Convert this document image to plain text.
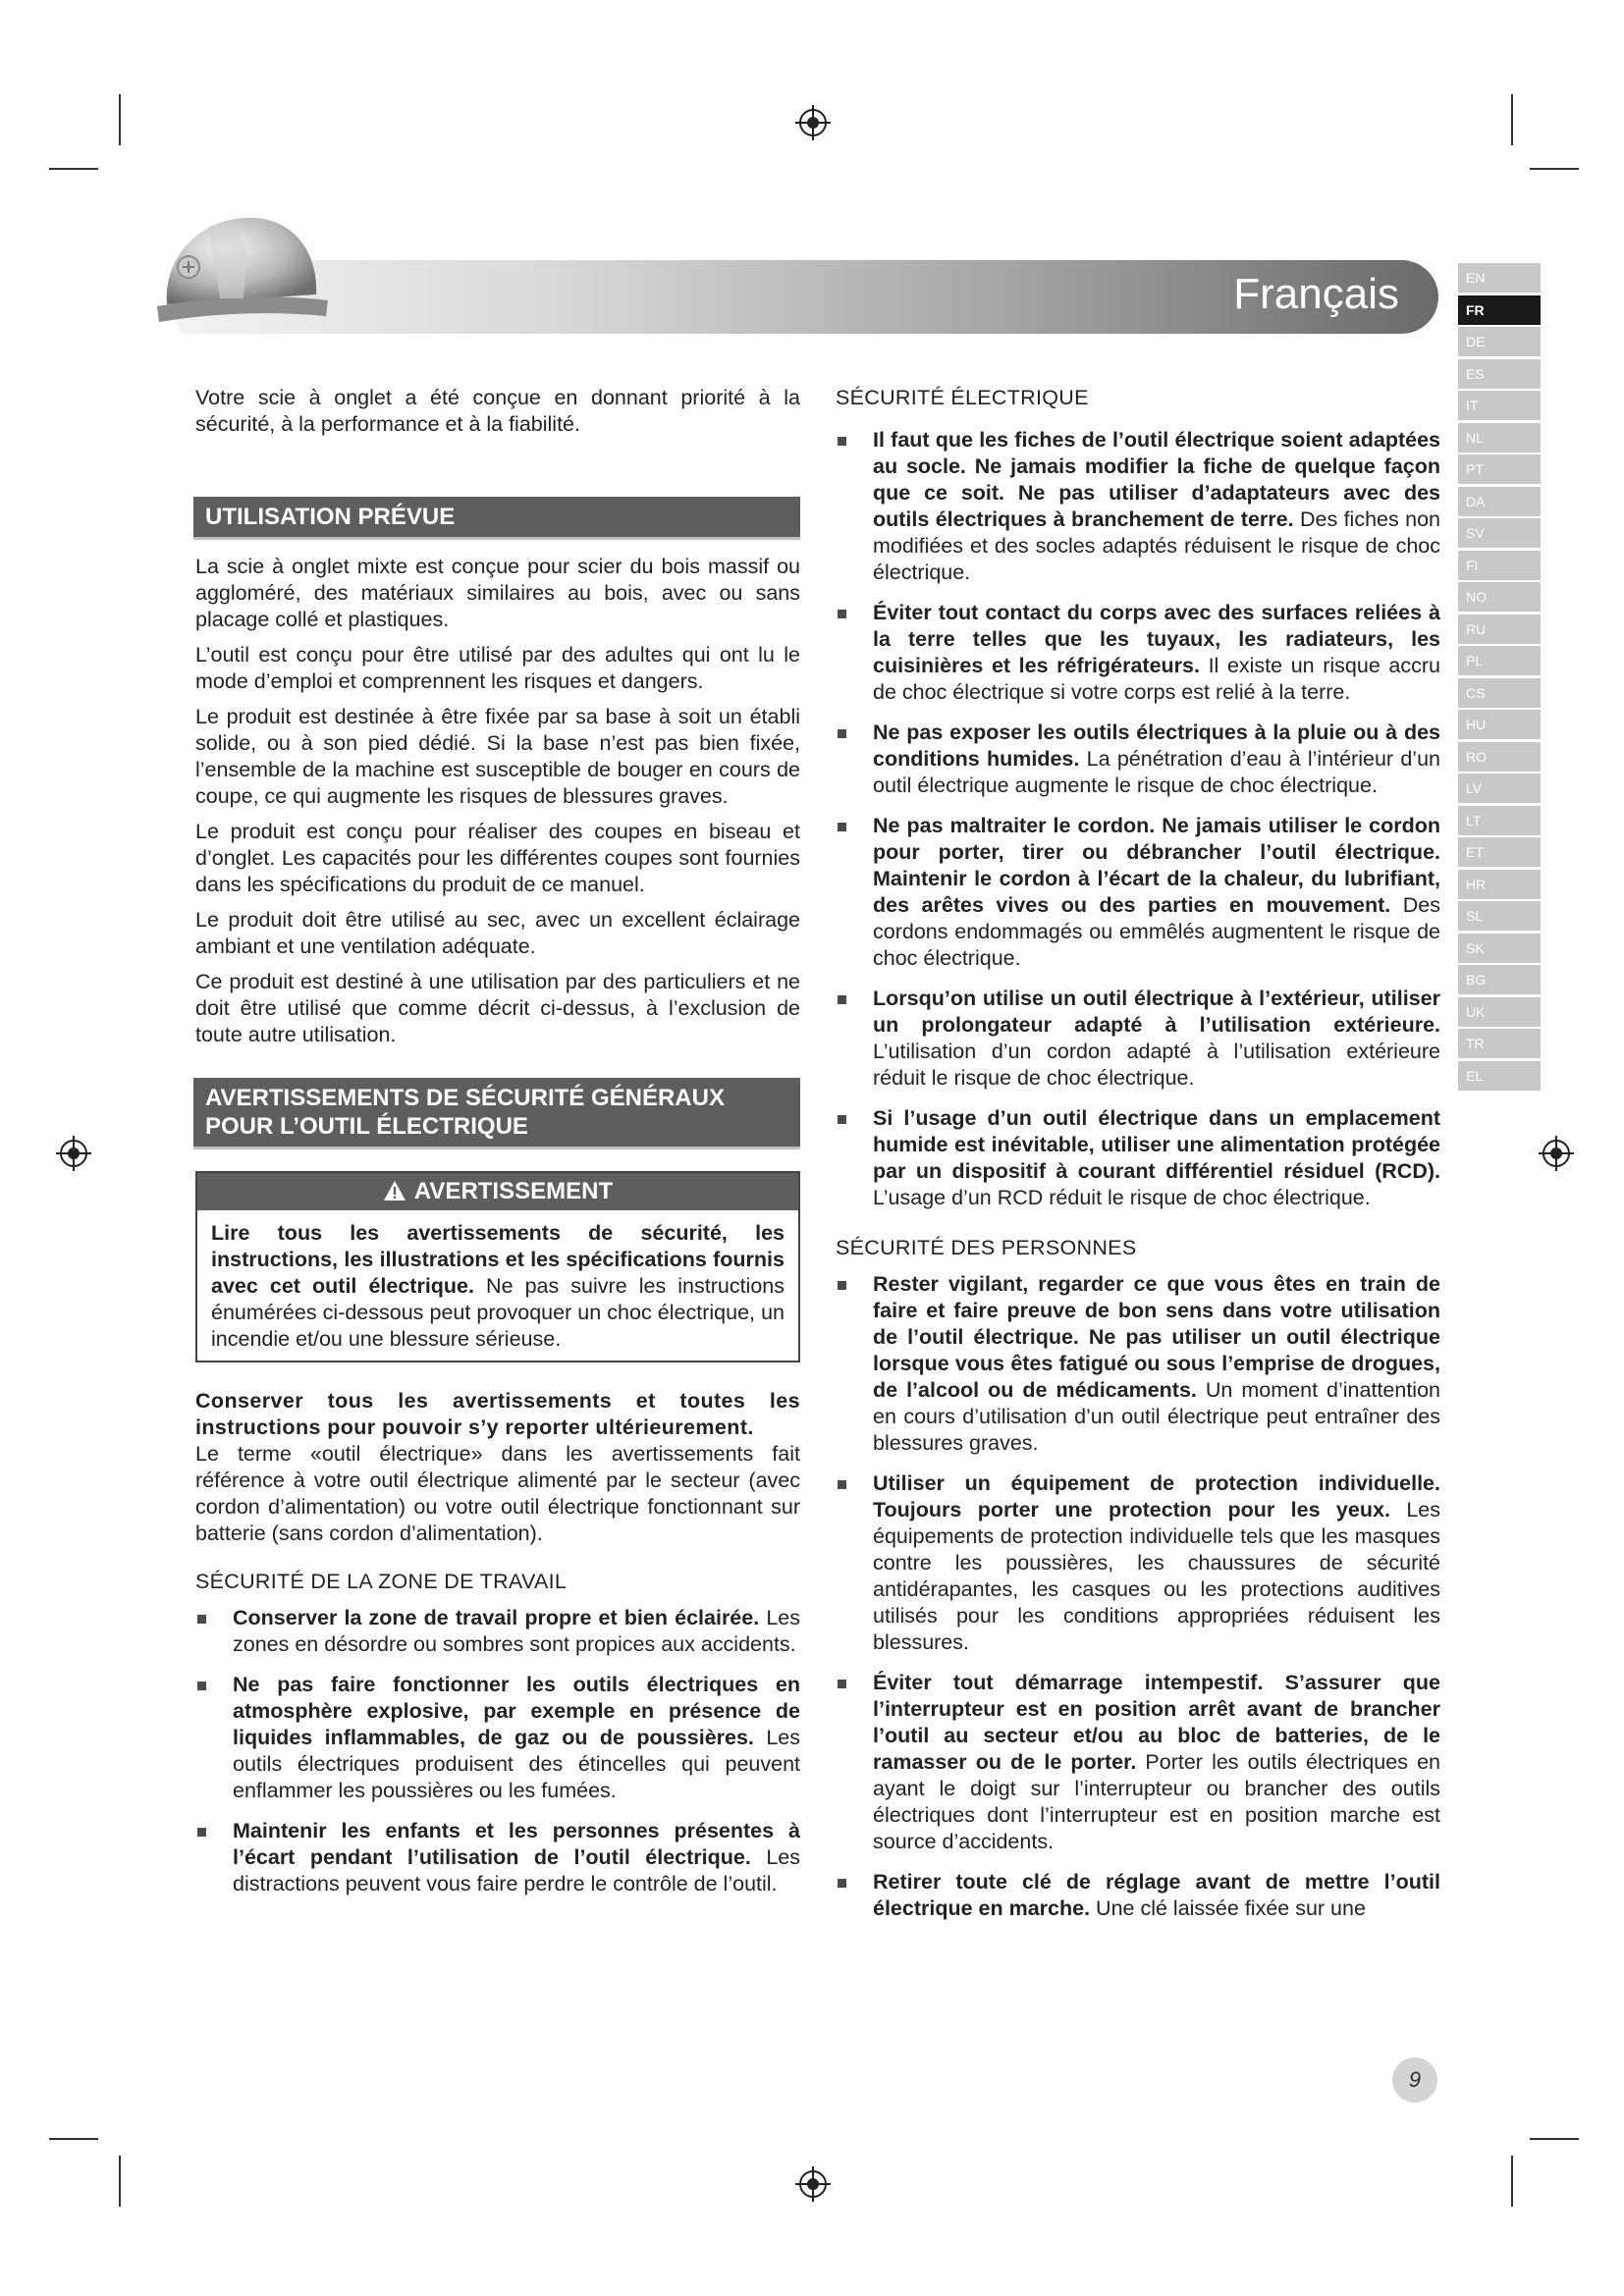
Français	EN
FR
DE
ES
IT
NL
PT
DA
SV
FI
NO
RU
PL
CS
HU
RO
LV
LT
ET
HR
SL
SK
BG
UK
TR
EL

Votre scie à onglet a été conçue en donnant priorité à la sécurité, à la performance et à la fiabilité.

UTILISATION PRÉVUE

La scie à onglet mixte est conçue pour scier du bois massif ou aggloméré, des matériaux similaires au bois, avec ou sans placage collé et plastiques.

L’outil est conçu pour être utilisé par des adultes qui ont lu le mode d’emploi et comprennent les risques et dangers.

Le produit est destinée à être fixée par sa base à soit un établi solide, ou à son pied dédié. Si la base n’est pas bien fixée, l’ensemble de la machine est susceptible de bouger en cours de coupe, ce qui augmente les risques de blessures graves.

Le produit est conçu pour réaliser des coupes en biseau et d’onglet. Les capacités pour les différentes coupes sont fournies dans les spécifications du produit de ce manuel.

Le produit doit être utilisé au sec, avec un excellent éclairage ambiant et une ventilation adéquate.

Ce produit est destiné à une utilisation par des particuliers et ne doit être utilisé que comme décrit ci-dessus, à l’exclusion de toute autre utilisation.

AVERTISSEMENTS DE SÉCURITÉ GÉNÉRAUX POUR L’OUTIL ÉLECTRIQUE
AVERTISSEMENT
Lire tous les avertissements de sécurité, les instructions, les illustrations et les spécifications fournis avec cet outil électrique. Ne pas suivre les instructions énumérées ci-dessous peut provoquer un choc électrique, un incendie et/ou une blessure sérieuse.

Conserver tous les avertissements et toutes les instructions pour pouvoir s’y reporter ultérieurement.
Le terme «outil électrique» dans les avertissements fait référence à votre outil électrique alimenté par le secteur (avec cordon d’alimentation) ou votre outil électrique fonctionnant sur batterie (sans cordon d’alimentation).

SÉCURITÉ DE LA ZONE DE TRAVAIL
Conserver la zone de travail propre et bien éclairée. Les zones en désordre ou sombres sont propices aux accidents.
Ne pas faire fonctionner les outils électriques en atmosphère explosive, par exemple en présence de liquides inflammables, de gaz ou de poussières. Les outils électriques produisent des étincelles qui peuvent enflammer les poussières ou les fumées.
Maintenir les enfants et les personnes présentes à l’écart pendant l’utilisation de l’outil électrique. Les distractions peuvent vous faire perdre le contrôle de l’outil.
SÉCURITÉ ÉLECTRIQUE
Il faut que les fiches de l’outil électrique soient adaptées au socle. Ne jamais modifier la fiche de quelque façon que ce soit. Ne pas utiliser d’adaptateurs avec des outils électriques à branchement de terre. Des fiches non modifiées et des socles adaptés réduisent le risque de choc électrique.
Éviter tout contact du corps avec des surfaces reliées à la terre telles que les tuyaux, les radiateurs, les cuisinières et les réfrigérateurs. Il existe un risque accru de choc électrique si votre corps est relié à la terre.
Ne pas exposer les outils électriques à la pluie ou à des conditions humides. La pénétration d’eau à l’intérieur d’un outil électrique augmente le risque de choc électrique.
Ne pas maltraiter le cordon. Ne jamais utiliser le cordon pour porter, tirer ou débrancher l’outil électrique. Maintenir le cordon à l’écart de la chaleur, du lubrifiant, des arêtes vives ou des parties en mouvement. Des cordons endommagés ou emmêlés augmentent le risque de choc électrique.
Lorsqu’on utilise un outil électrique à l’extérieur, utiliser un prolongateur adapté à l’utilisation extérieure. L’utilisation d’un cordon adapté à l’utilisation extérieure réduit le risque de choc électrique.
Si l’usage d’un outil électrique dans un emplacement humide est inévitable, utiliser une alimentation protégée par un dispositif à courant différentiel résiduel (RCD). L’usage d’un RCD réduit le risque de choc électrique.
SÉCURITÉ DES PERSONNES
Rester vigilant, regarder ce que vous êtes en train de faire et faire preuve de bon sens dans votre utilisation de l’outil électrique. Ne pas utiliser un outil électrique lorsque vous êtes fatigué ou sous l’emprise de drogues, de l’alcool ou de médicaments. Un moment d’inattention en cours d’utilisation d’un outil électrique peut entraîner des blessures graves.
Utiliser un équipement de protection individuelle. Toujours porter une protection pour les yeux. Les équipements de protection individuelle tels que les masques contre les poussières, les chaussures de sécurité antidérapantes, les casques ou les protections auditives utilisés pour les conditions appropriées réduisent les blessures.
Éviter tout démarrage intempestif. S’assurer que l’interrupteur est en position arrêt avant de brancher l’outil au secteur et/ou au bloc de batteries, de le ramasser ou de le porter. Porter les outils électriques en ayant le doigt sur l’interrupteur ou brancher des outils électriques dont l’interrupteur est en position marche est source d’accidents.
Retirer toute clé de réglage avant de mettre l’outil électrique en marche. Une clé laissée fixée sur une
9
